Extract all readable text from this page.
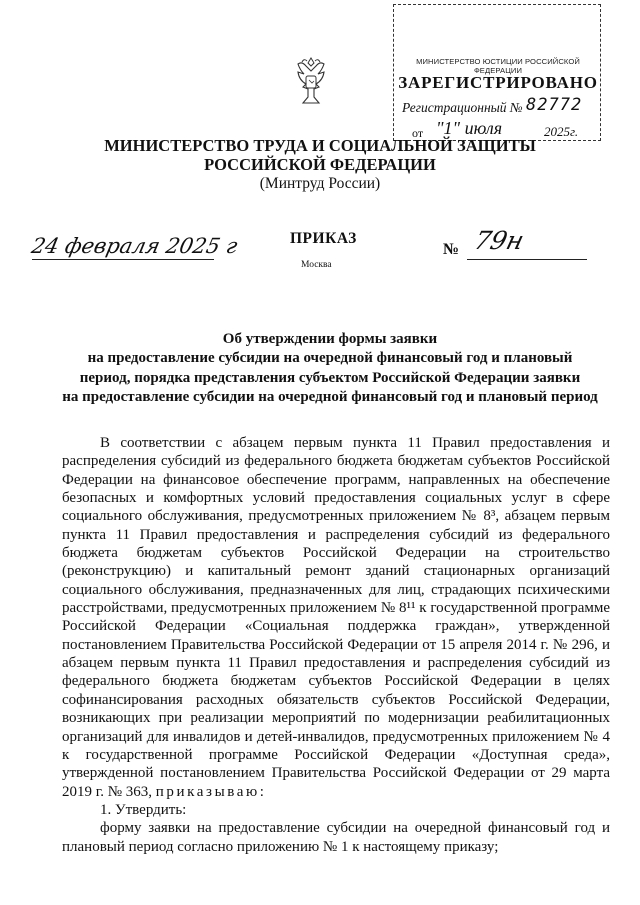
МИНИСТЕРСТВО ЮСТИЦИИ РОССИЙСКОЙ ФЕДЕРАЦИИ
ЗАРЕГИСТРИРОВАНО
Регистрационный № 82772
от "1" июля	2025г.
МИНИСТЕРСТВО ТРУДА И СОЦИАЛЬНОЙ ЗАЩИТЫ
РОССИЙСКОЙ ФЕДЕРАЦИИ
(Минтруд России)
24 февраля 2025 г	ПРИКАЗ
Москва
№ 79н
Об утверждении формы заявки
на предоставление субсидии на очередной финансовый год и плановый
период, порядка представления субъектом Российской Федерации заявки
на предоставление субсидии на очередной финансовый год и плановый период

В соответствии с абзацем первым пункта 11 Правил предоставления и распределения субсидий из федерального бюджета бюджетам субъектов Российской Федерации на финансовое обеспечение программ, направленных на обеспечение безопасных и комфортных условий предоставления социальных услуг в сфере социального обслуживания, предусмотренных приложением № 8³, абзацем первым пункта 11 Правил предоставления и распределения субсидий из федерального бюджета бюджетам субъектов Российской Федерации на строительство (реконструкцию) и капитальный ремонт зданий стационарных организаций социального обслуживания, предназначенных для лиц, страдающих психическими расстройствами, предусмотренных приложением № 8¹¹ к государственной программе Российской Федерации «Социальная поддержка граждан», утвержденной постановлением Правительства Российской Федерации от 15 апреля 2014 г. № 296, и абзацем первым пункта 11 Правил предоставления и распределения субсидий из федерального бюджета бюджетам субъектов Российской Федерации в целях софинансирования расходных обязательств субъектов Российской Федерации, возникающих при реализации мероприятий по модернизации реабилитационных организаций для инвалидов и детей-инвалидов, предусмотренных приложением № 4 к государственной программе Российской Федерации «Доступная среда», утвержденной постановлением Правительства Российской Федерации от 29 марта 2019 г. № 363, приказываю:

1. Утвердить:

форму заявки на предоставление субсидии на очередной финансовый год и плановый период согласно приложению № 1 к настоящему приказу;
